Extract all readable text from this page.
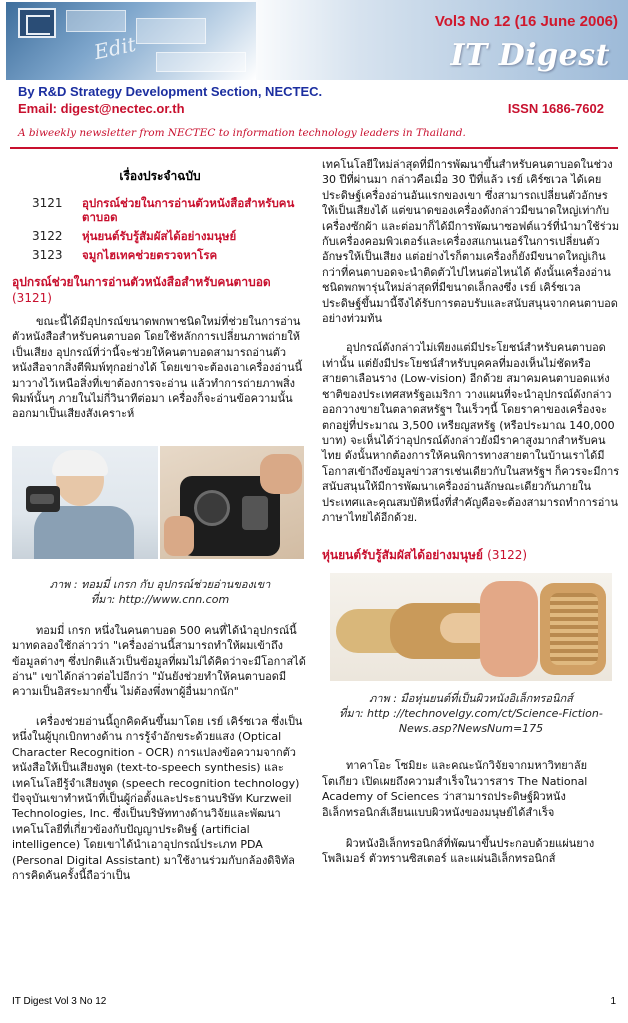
Edit
Vol3 No 12 (16 June 2006)
IT Digest
By R&D Strategy Development Section, NECTEC.
Email: digest@nectec.or.th	ISSN 1686-7602
A biweekly newsletter from NECTEC to information technology leaders in Thailand.
เรื่องประจำฉบับ
3121	อุปกรณ์ช่วยในการอ่านตัวหนังสือสำหรับคนตาบอด
3122	หุ่นยนต์รับรู้สัมผัสได้อย่างมนุษย์
3123	จมูกไฮเทคช่วยตรวจหาโรค
อุปกรณ์ช่วยในการอ่านตัวหนังสือสำหรับคนตาบอด
(3121)

ขณะนี้ได้มีอุปกรณ์ขนาดพกพาชนิดใหม่ที่ช่วยในการอ่านตัวหนังสือสำหรับคนตาบอด โดยใช้หลักการเปลี่ยนภาพถ่ายให้เป็นเสียง อุปกรณ์ที่ว่านี้จะช่วยให้คนตาบอดสามารถอ่านตัวหนังสือจากสิ่งตีพิมพ์ทุกอย่างได้ โดยเขาจะต้องเอาเครื่องอ่านนี้มาวางไว้เหนือสิ่งที่เขาต้องการจะอ่าน แล้วทำการถ่ายภาพสิ่งพิมพ์นั้นๆ ภายในไม่กี่วินาทีต่อมา เครื่องก็จะอ่านข้อความนั้นออกมาเป็นเสียงสังเคราะห์

ภาพ : ทอมมี่ เกรก กับ อุปกรณ์ช่วยอ่านของเขา
ที่มา: http://www.cnn.com

ทอมมี่ เกรก หนึ่งในคนตาบอด 500 คนที่ได้นำอุปกรณ์นี้มาทดลองใช้กล่าวว่า "เครื่องอ่านนี้สามารถทำให้ผมเข้าถึงข้อมูลต่างๆ ซึ่งปกติแล้วเป็นข้อมูลที่ผมไม่ได้คิดว่าจะมีโอกาสได้อ่าน" เขาได้กล่าวต่อไปอีกว่า "มันยังช่วยทำให้คนตาบอดมีความเป็นอิสระมากขึ้น ไม่ต้องพึ่งพาผู้อื่นมากนัก"

เครื่องช่วยอ่านนี้ถูกคิดค้นขึ้นมาโดย เรย์ เคิร์ซเวล ซึ่งเป็นหนึ่งในผู้บุกเบิกทางด้าน การรู้จำอักขระด้วยแสง (Optical Character Recognition - OCR) การแปลงข้อความจากตัวหนังสือให้เป็นเสียงพูด (text-to-speech synthesis) และเทคโนโลยีรู้จำเสียงพูด (speech recognition technology) ปัจจุบันเขาทำหน้าที่เป็นผู้ก่อตั้งและประธานบริษัท Kurzweil Technologies, Inc. ซึ่งเป็นบริษัททางด้านวิจัยและพัฒนาเทคโนโลยีที่เกี่ยวข้องกับปัญญาประดิษฐ์ (artificial intelligence) โดยเขาได้นำเอาอุปกรณ์ประเภท PDA (Personal Digital Assistant) มาใช้งานร่วมกับกล้องดิจิทัล การคิดค้นครั้งนี้ถือว่าเป็น

เทคโนโลยีใหม่ล่าสุดที่มีการพัฒนาขึ้นสำหรับคนตาบอดในช่วง 30 ปีที่ผ่านมา กล่าวคือเมื่อ 30 ปีที่แล้ว เรย์ เคิร์ซเวล ได้เคยประดิษฐ์เครื่องอ่านอันแรกของเขา ซึ่งสามารถเปลี่ยนตัวอักษรให้เป็นเสียงได้ แต่ขนาดของเครื่องดังกล่าวมีขนาดใหญ่เท่ากับเครื่องซักผ้า และต่อมาก็ได้มีการพัฒนาซอฟต์แวร์ที่นำมาใช้ร่วมกับเครื่องคอมพิวเตอร์และเครื่องสแกนเนอร์ในการเปลี่ยนตัวอักษรให้เป็นเสียง แต่อย่างไรก็ตามเครื่องก็ยังมีขนาดใหญ่เกินกว่าที่คนตาบอดจะนำติดตัวไปไหนต่อไหนได้ ดังนั้นเครื่องอ่านชนิดพกพารุ่นใหม่ล่าสุดที่มีขนาดเล็กลงซึ่ง เรย์ เคิร์ซเวล ประดิษฐ์ขึ้นมานี้จึงได้รับการตอบรับและสนับสนุนจากคนตาบอดอย่างท่วมท้น

อุปกรณ์ดังกล่าวไม่เพียงแต่มีประโยชน์สำหรับคนตาบอดเท่านั้น แต่ยังมีประโยชน์สำหรับบุคคลที่มองเห็นไม่ชัดหรือสายตาเลือนราง (Low-vision) อีกด้วย สมาคมคนตาบอดแห่งชาติของประเทศสหรัฐอเมริกา วางแผนที่จะนำอุปกรณ์ดังกล่าวออกวางขายในตลาดสหรัฐฯ ในเร็วๆนี้ โดยราคาของเครื่องจะตกอยู่ที่ประมาณ 3,500 เหรียญสหรัฐ (หรือประมาณ 140,000 บาท) จะเห็นได้ว่าอุปกรณ์ดังกล่าวยังมีราคาสูงมากสำหรับคนไทย ดังนั้นหากต้องการให้คนพิการทางสายตาในบ้านเราได้มีโอกาสเข้าถึงข้อมูลข่าวสารเช่นเดียวกับในสหรัฐฯ ก็ควรจะมีการสนับสนุนให้มีการพัฒนาเครื่องอ่านลักษณะเดียวกันภายในประเทศและคุณสมบัติหนึ่งที่สำคัญคือจะต้องสามารถทำการอ่านภาษาไทยได้อีกด้วย.

หุ่นยนต์รับรู้สัมผัสได้อย่างมนุษย์ (3122)
ภาพ : มือหุ่นยนต์ที่เป็นผิวหนังอิเล็กทรอนิกส์
ที่มา: http ://technovelgy.com/ct/Science-Fiction-News.asp?NewsNum=175

ทาคาโอะ โซมิยะ และคณะนักวิจัยจากมหาวิทยาลัยโตเกียว เปิดเผยถึงความสำเร็จในวารสาร The National Academy of Sciences ว่าสามารถประดิษฐ์ผิวหนังอิเล็กทรอนิกส์เลียนแบบผิวหนังของมนุษย์ได้สำเร็จ

ผิวหนังอิเล็กทรอนิกส์ที่พัฒนาขึ้นประกอบด้วยแผ่นยางโพลิเมอร์ ตัวทรานซิสเตอร์ และแผ่นอิเล็กทรอนิกส์

IT Digest Vol 3 No 12	1
